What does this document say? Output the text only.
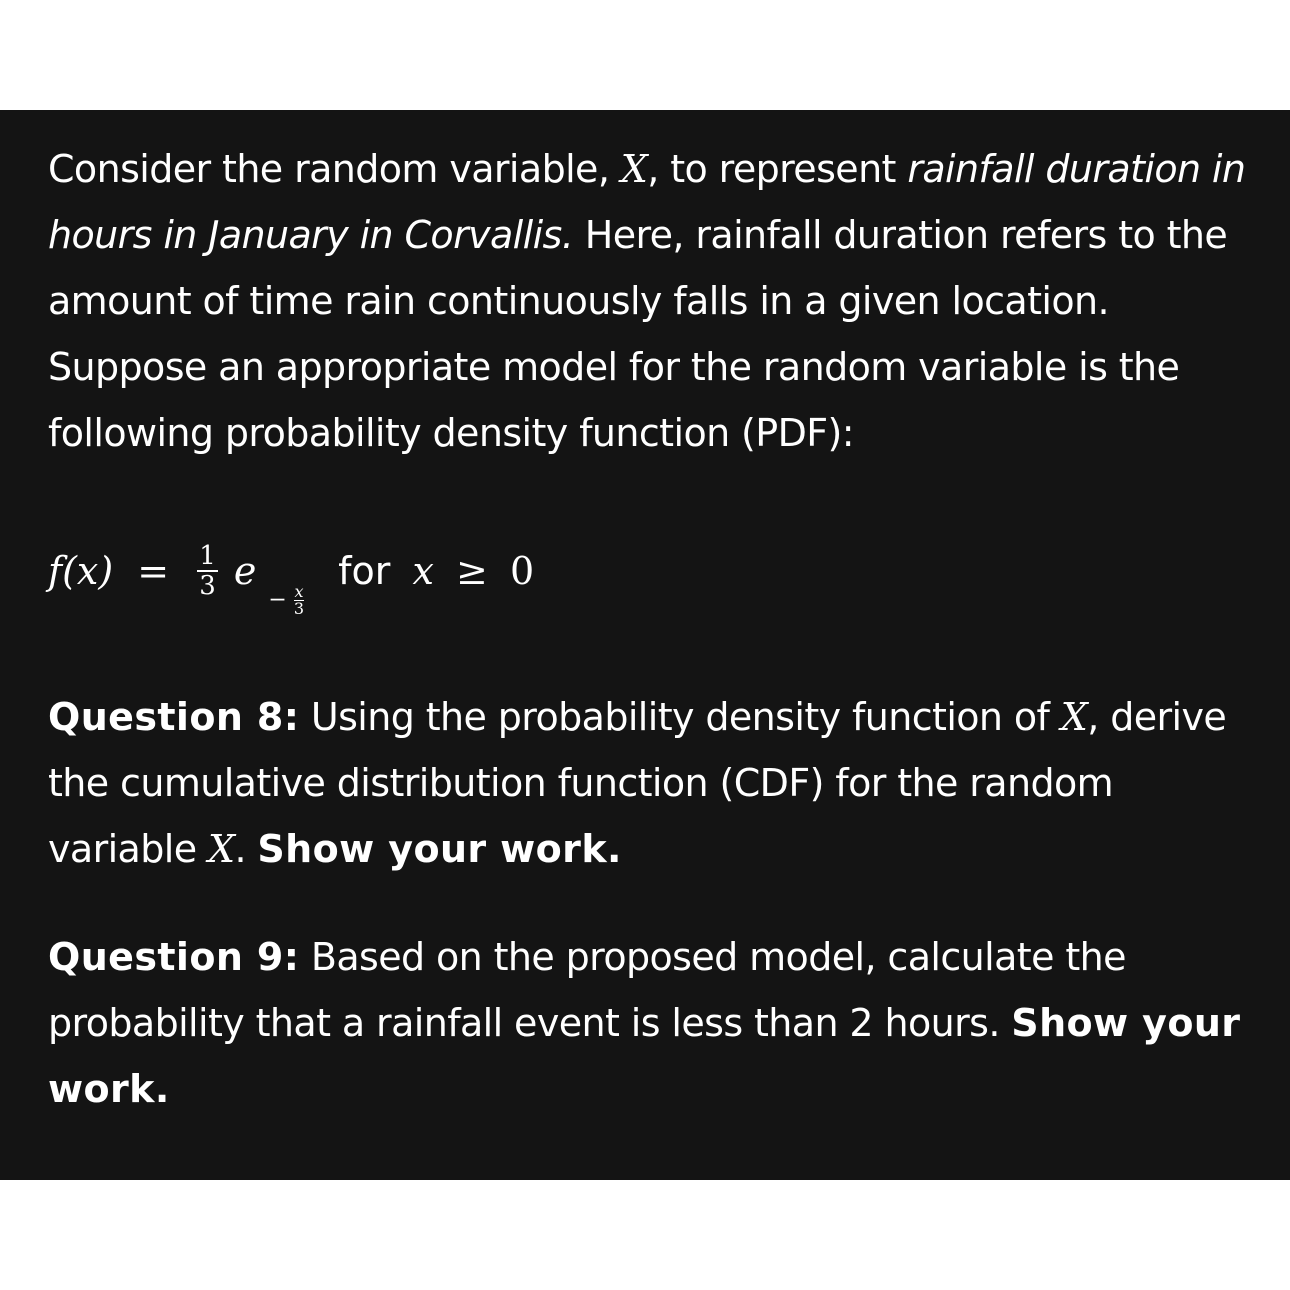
Consider the random variable, X, to represent rainfall duration in hours in January in Corvallis. Here, rainfall duration refers to the amount of time rain continuously falls in a given location. Suppose an appropriate model for the random variable is the following probability density function (PDF):

$f(x) = \frac{1}{3}$ $e - \frac{x}{3}$
for x ≥ 0

Question 8: Using the probability density function of X, derive the cumulative distribution function (CDF) for the random variable X. Show your work.

Question 9: Based on the proposed model, calculate the probability that a rainfall event is less than 2 hours. Show your work.
